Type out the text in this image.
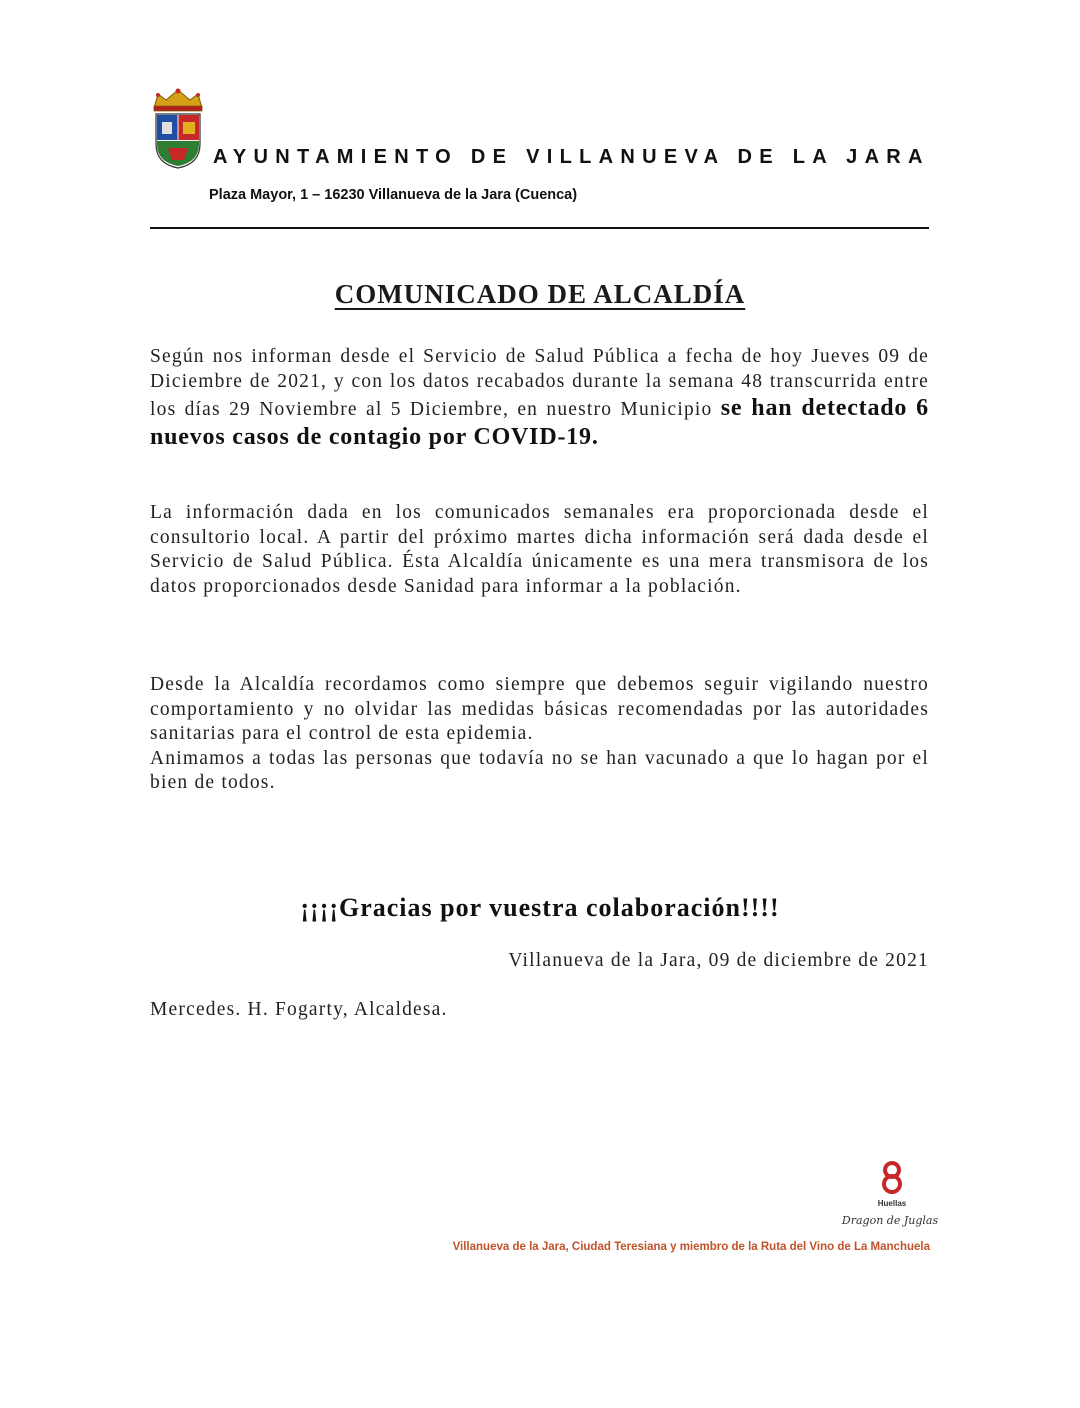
AYUNTAMIENTO DE VILLANUEVA DE LA JARA
Plaza Mayor, 1 – 16230 Villanueva de la Jara (Cuenca)
COMUNICADO DE ALCALDÍA
Según nos informan desde el Servicio de Salud Pública a fecha de hoy Jueves 09 de Diciembre de 2021, y con los datos recabados durante la semana 48 transcurrida entre los días 29 Noviembre al 5 Diciembre, en nuestro Municipio se han detectado 6 nuevos casos de contagio por COVID-19.
La información dada en los comunicados semanales era proporcionada desde el consultorio local. A partir del próximo martes dicha información será dada desde el Servicio de Salud Pública. Ésta Alcaldía únicamente es una mera transmisora de los datos proporcionados desde Sanidad para informar a la población.
Desde la Alcaldía recordamos como siempre que debemos seguir vigilando nuestro comportamiento y no olvidar las medidas básicas recomendadas por las autoridades sanitarias para el control de esta epidemia.
Animamos a todas las personas que todavía no se han vacunado a que lo hagan por el bien de todos.
¡¡¡¡Gracias por vuestra colaboración!!!!
Villanueva de la Jara, 09 de diciembre de 2021
Mercedes. H. Fogarty, Alcaldesa.
Huellas
Dragon de Juglas
Villanueva de la Jara, Ciudad Teresiana y miembro de la Ruta del Vino de La Manchuela
